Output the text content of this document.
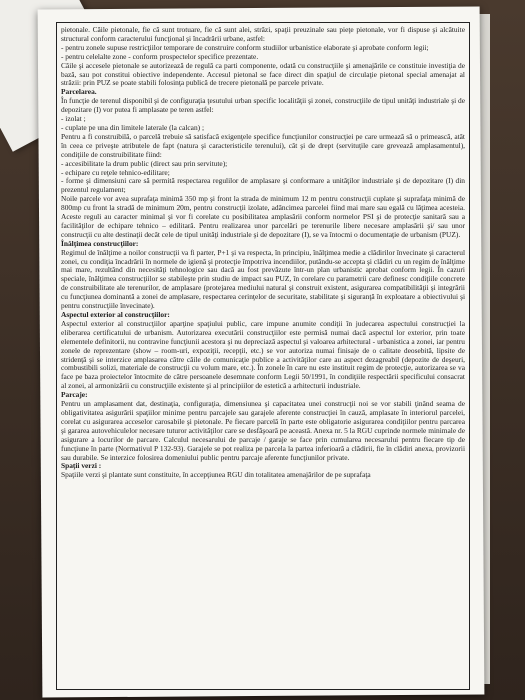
pietonale. Căile pietonale, fie că sunt trotuare, fie că sunt alei, străzi, spaţii preuzinale sau pieţe pietonale, vor fi dispuse şi alcătuite structural conform caracterului funcţional şi încadrării urbane, astfel:

- pentru zonele supuse restricţiilor temporare de construire conform studiilor urbanistice elaborate şi aprobate conform legii;

- pentru celelalte zone - conform prospectelor specifice prezentate.

Căile şi accesele pietonale se autorizează de regulă ca parti componente, odată cu construcţiile şi amenajările ce constituie investiţia de bază, sau pot constitui obiective independente. Accesul pietonal se face direct din spaţiul de circulaţie pietonal special amenajat al străzii: prin PUZ se poate stabili folosinţa publică de trecere pietonală pe parcele private.

Parcelarea.

În funcţie de terenul disponibil şi de configuraţia ţesutului urban specific localităţii şi zonei, construcţiile de tipul unităţi industriale şi de depozitare (I) vor putea fi amplasate pe teren astfel:

- izolat ;

- cuplate pe una din limitele laterale (la calcan) ;

Pentru a fi construibilă, o parcelă trebuie să satisfacă exigenţele specifice funcţiunilor construcţiei pe care urmează să o primească, atât în ceea ce priveşte atributele de fapt (natura şi caracteristicile terenului), cât şi de drept (servituţile care grevează amplasamentul), condiţiile de construibilitate fiind:

- accesibilitate la drum public (direct sau prin servitute);

- echipare cu reţele tehnico-edilitare;

- forme şi dimensiuni care să permită respectarea regulilor de amplasare şi conformare a unităţilor industriale şi de depozitare (I) din prezentul regulament;

Noile parcele vor avea suprafaţa minimă 350 mp şi front la strada de minimum 12 m pentru construcţii cuplate şi suprafaţa minimă de 800mp cu front la stradă de minimum 20m, pentru construcţii izolate, adâncimea parcelei fiind mai mare sau egală cu lăţimea acesteia. Aceste reguli au caracter minimal şi vor fi corelate cu posibilitatea amplasării conform normelor PSI şi de protecţie sanitară sau a facilităţilor de echipare tehnico – edilitară. Pentru realizarea unor parcelări pe terenurile libere necesare amplasării şi/ sau unor construcţii cu alte destinaţii decât cele de tipul unităţi industriale şi de depozitare (I), se va întocmi o documentaţie de urbanism (PUZ).

Înălţimea construcţiilor:

Regimul de înălţime a noilor construcţii va fi parter, P+1 şi va respecta, în principiu, înălţimea medie a clădirilor învecinate şi caracterul zonei, cu condiţia încadrării în normele de igienă şi protecţie împotriva incendiilor, putându-se accepta şi clădiri cu un regim de înălţime mai mare, rezultând din necesităţi tehnologice sau dacă au fost prevăzute într-un plan urbanistic aprobat conform legii. În cazuri speciale, înălţimea construcţiilor se stabileşte prin studiu de impact sau PUZ, în corelare cu parametrii care definesc condiţiile concrete de construibilitate ale terenurilor, de amplasare (protejarea mediului natural şi construit existent, asigurarea compatibilităţii şi integrării cu funcţiunea dominantă a zonei de amplasare, respectarea cerinţelor de securitate, stabilitate şi siguranţă în exploatare a obiectivului şi pentru construcţiile învecinate).

Aspectul exterior al construcţiilor:

Aspectul exterior al construcţiilor aparţine spaţiului public, care impune anumite condiţii în judecarea aspectului construcţiei la eliberarea certificatului de urbanism. Autorizarea executării construcţiilor este permisă numai dacă aspectul lor exterior, prin toate elementele definitorii, nu contravine funcţiunii acestora şi nu depreciază aspectul şi valoarea arhitectural - urbanistica a zonei, iar pentru zonele de reprezentare (show – room-uri, expoziţii, recepţii, etc.) se vor autoriza numai finisaje de o calitate deosebită, lipsite de stridenţă şi se interzice amplasarea către căile de comunicaţie publice a activităţilor care au aspect dezagreabil (depozite de deşeuri, combustibili solizi, materiale de construcţii cu volum mare, etc.). În zonele în care nu este instituit regim de protecţie, autorizarea se va face pe baza proiectelor întocmite de către persoanele desemnate conform Legii 50/1991, în condiţiile respectării specificului consacrat al zonei, al armonizării cu construcţiile existente şi al principiilor de estetică a arhitecturii industriale.

Parcaje:

Pentru un amplasament dat, destinaţia, configuraţia, dimensiunea şi capacitatea unei construcţii noi se vor stabili ţinând seama de obligativitatea asigurării spaţiilor minime pentru parcajele sau garajele aferente construcţiei în cauză, amplasate în interiorul parcelei, corelat cu asigurarea acceselor carosabile şi pietonale. Pe fiecare parcelă în parte este obligatorie asigurarea condiţiilor pentru parcarea şi gararea autovehiculelor necesare tuturor activităţilor care se desfăşoară pe această. Anexa nr. 5 la RGU cuprinde normele minimale de asigurare a locurilor de parcare. Calculul necesarului de parcaje / garaje se face prin cumularea necesarului pentru fiecare tip de funcţiune în parte (Normativul P 132-93). Garajele se pot realiza pe parcela la partea inferioară a clădirii, fie în clădiri anexa, provizorii sau durabile. Se interzice folosirea domeniului public pentru parcaje aferente funcţiunilor private.

Spaţii verzi :

Spaţiile verzi şi plantate sunt constituite, în accepţiunea RGU din totalitatea amenajărilor de pe suprafaţa
